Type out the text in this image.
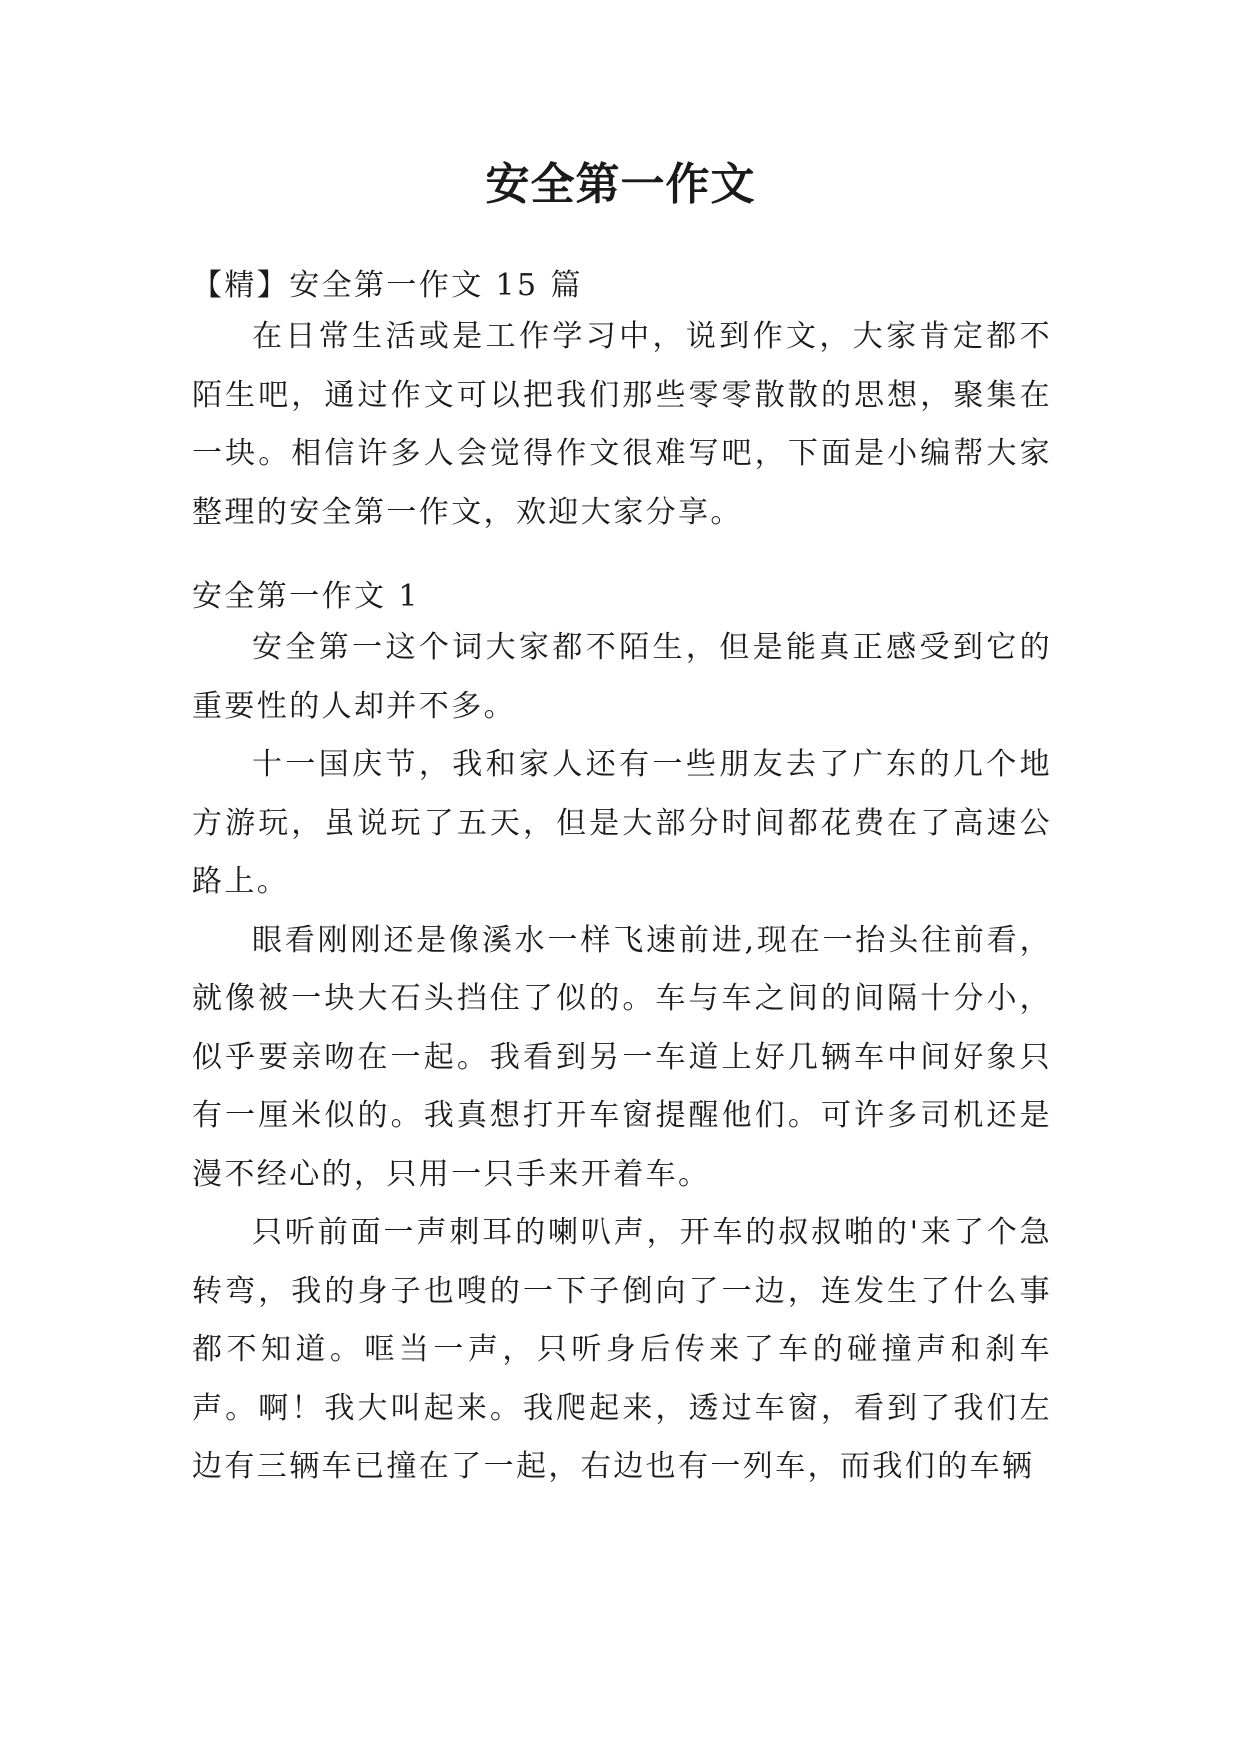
安全第一作文
【精】安全第一作文 15 篇

在日常生活或是工作学习中，说到作文，大家肯定都不陌生吧，通过作文可以把我们那些零零散散的思想，聚集在一块。相信许多人会觉得作文很难写吧，下面是小编帮大家整理的安全第一作文，欢迎大家分享。

安全第一作文 1

安全第一这个词大家都不陌生，但是能真正感受到它的重要性的人却并不多。

十一国庆节，我和家人还有一些朋友去了广东的几个地方游玩，虽说玩了五天，但是大部分时间都花费在了高速公路上。

眼看刚刚还是像溪水一样飞速前进,现在一抬头往前看，就像被一块大石头挡住了似的。车与车之间的间隔十分小，似乎要亲吻在一起。我看到另一车道上好几辆车中间好象只有一厘米似的。我真想打开车窗提醒他们。可许多司机还是漫不经心的，只用一只手来开着车。

只听前面一声刺耳的喇叭声，开车的叔叔啪的'来了个急转弯，我的身子也嗖的一下子倒向了一边，连发生了什么事都不知道。哐当一声，只听身后传来了车的碰撞声和刹车声。啊！我大叫起来。我爬起来，透过车窗，看到了我们左边有三辆车已撞在了一起，右边也有一列车，而我们的车辆
